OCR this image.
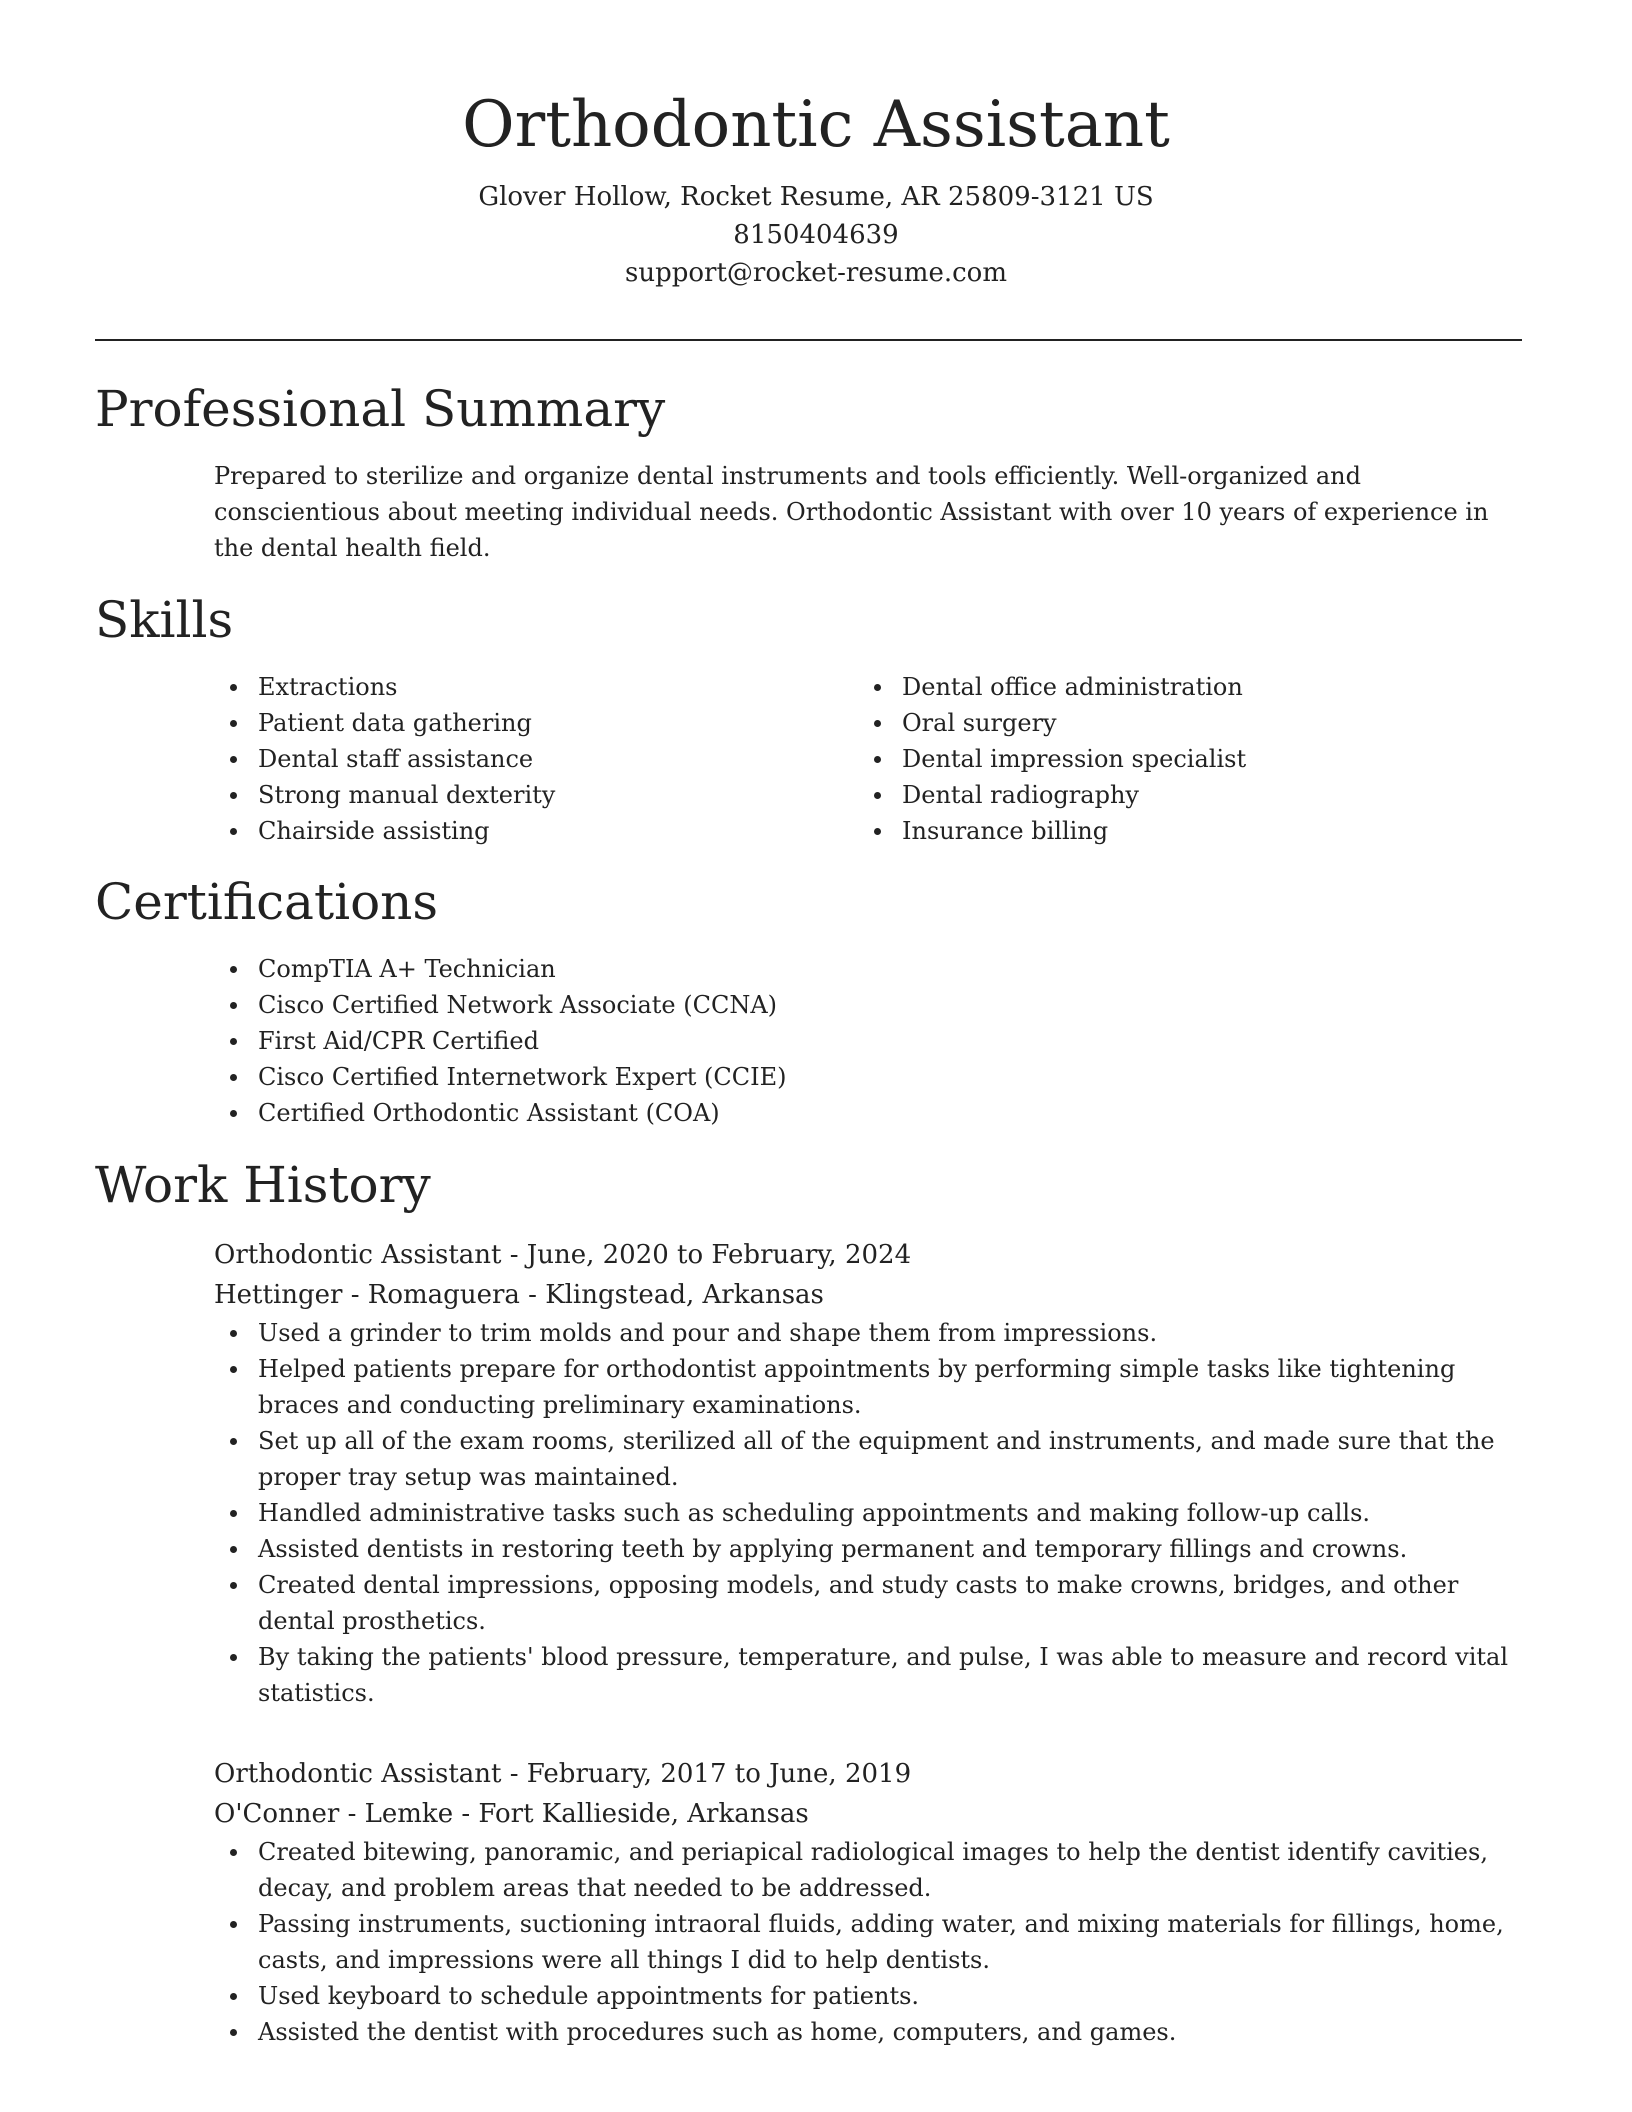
Orthodontic Assistant

Glover Hollow, Rocket Resume, AR 25809-3121 US

8150404639

support@rocket-resume.com

Professional Summary

Prepared to sterilize and organize dental instruments and tools efficiently. Well-organized and conscientious about meeting individual needs. Orthodontic Assistant with over 10 years of experience in the dental health field.

Skills
Extractions
Patient data gathering
Dental staff assistance
Strong manual dexterity
Chairside assisting
Dental office administration
Oral surgery
Dental impression specialist
Dental radiography
Insurance billing
Certifications
CompTIA A+ Technician
Cisco Certified Network Associate (CCNA)
First Aid/CPR Certified
Cisco Certified Internetwork Expert (CCIE)
Certified Orthodontic Assistant (COA)
Work History

Orthodontic Assistant - June, 2020 to February, 2024

Hettinger - Romaguera - Klingstead, Arkansas

Used a grinder to trim molds and pour and shape them from impressions.
Helped patients prepare for orthodontist appointments by performing simple tasks like tightening braces and conducting preliminary examinations.
Set up all of the exam rooms, sterilized all of the equipment and instruments, and made sure that the proper tray setup was maintained.
Handled administrative tasks such as scheduling appointments and making follow-up calls.
Assisted dentists in restoring teeth by applying permanent and temporary fillings and crowns.
Created dental impressions, opposing models, and study casts to make crowns, bridges, and other dental prosthetics.
By taking the patients' blood pressure, temperature, and pulse, I was able to measure and record vital statistics.

Orthodontic Assistant - February, 2017 to June, 2019

O'Conner - Lemke - Fort Kallieside, Arkansas

Created bitewing, panoramic, and periapical radiological images to help the dentist identify cavities, decay, and problem areas that needed to be addressed.
Passing instruments, suctioning intraoral fluids, adding water, and mixing materials for fillings, home, casts, and impressions were all things I did to help dentists.
Used keyboard to schedule appointments for patients.
Assisted the dentist with procedures such as home, computers, and games.
